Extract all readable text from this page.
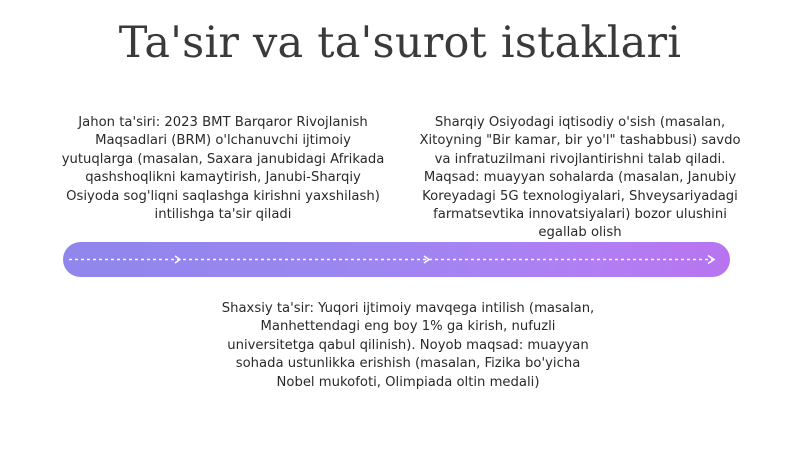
Ta'sir va ta'surot istaklari
Jahon ta'siri: 2023 BMT Barqaror Rivojlanish Maqsadlari (BRM) o'lchanuvchi ijtimoiy yutuqlarga (masalan, Saxara janubidagi Afrikada qashshoqlikni kamaytirish, Janubi-Sharqiy Osiyoda sog'liqni saqlashga kirishni yaxshilash) intilishga ta'sir qiladi
Sharqiy Osiyodagi iqtisodiy o'sish (masalan, Xitoyning "Bir kamar, bir yo'l" tashabbusi) savdo va infratuzilmani rivojlantirishni talab qiladi. Maqsad: muayyan sohalarda (masalan, Janubiy Koreyadagi 5G texnologiyalari, Shveysariyadagi farmatsevtika innovatsiyalari) bozor ulushini egallab olish
Shaxsiy ta'sir: Yuqori ijtimoiy mavqega intilish (masalan, Manhettendagi eng boy 1% ga kirish, nufuzli universitetga qabul qilinish). Noyob maqsad: muayyan sohada ustunlikka erishish (masalan, Fizika bo'yicha Nobel mukofoti, Olimpiada oltin medali)
